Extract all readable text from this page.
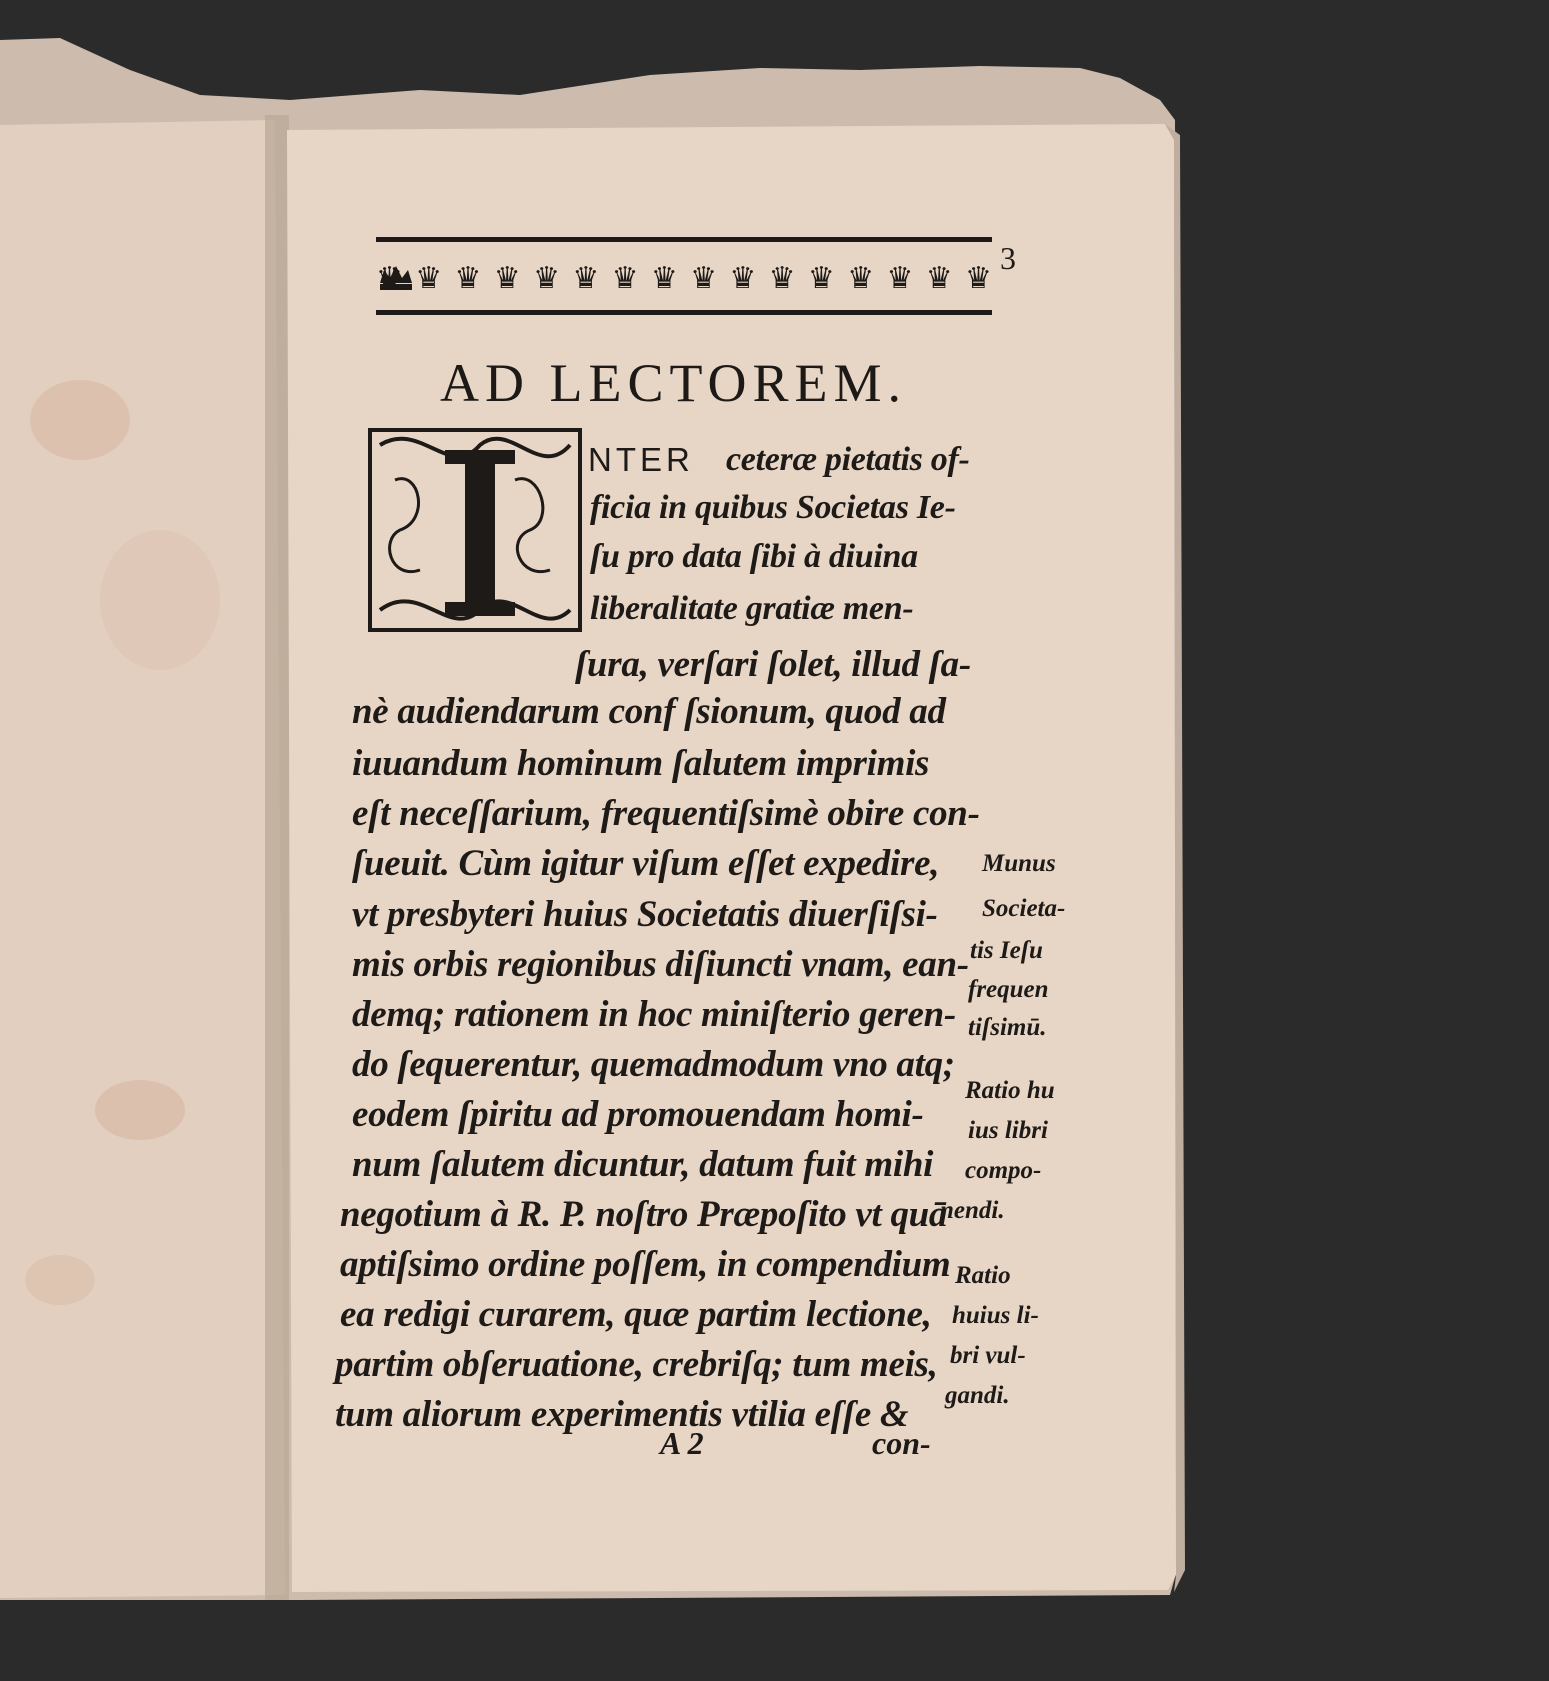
♛ ♛ ♛ ♛ ♛ ♛ ♛ ♛ ♛ ♛ ♛ ♛ ♛ ♛ ♛ ♛
3
AD LECTOREM.
NTER ceteræ pietatis of-
ficia in quibus Societas Ie-
ſu pro data ſibi à diuina
liberalitate gratiæ men-
ſura, verſari ſolet, illud ſa-
nè audiendarum conf ſsionum, quod ad
iuuandum hominum ſalutem imprimis
eſt neceſſarium, frequentiſsimè obire con-
ſueuit. Cùm igitur viſum eſſet expedire,
vt presbyteri huius Societatis diuerſiſsi-
mis orbis regionibus diſiuncti vnam, ean-
demq; rationem in hoc miniſterio geren-
do ſequerentur, quemadmodum vno atq;
eodem ſpiritu ad promouendam homi-
num ſalutem dicuntur, datum fuit mihi
negotium à R. P. noſtro Præpoſito vt quā
aptiſsimo ordine poſſem, in compendium
ea redigi curarem, quæ partim lectione,
partim obſeruatione, crebriſq; tum meis,
tum aliorum experimentis vtilia eſſe &
Munus
Societa-
tis Ieſu
frequen
tiſsimū.
Ratio hu
ius libri
compo-
nendi.
Ratio
huius li-
bri vul-
gandi.
A 2	con-
